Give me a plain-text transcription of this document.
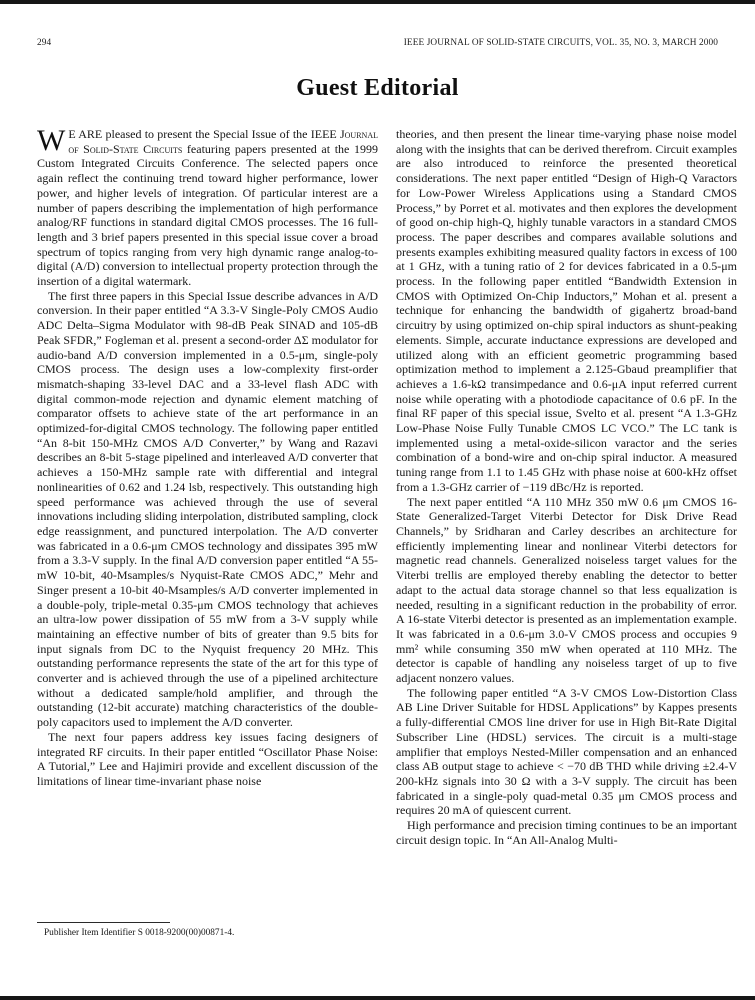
294	IEEE JOURNAL OF SOLID-STATE CIRCUITS, VOL. 35, NO. 3, MARCH 2000
Guest Editorial

W E ARE pleased to present the Special Issue of the IEEE Journal of Solid-State Circuits featuring papers presented at the 1999 Custom Integrated Circuits Conference. The selected papers once again reflect the continuing trend toward higher performance, lower power, and higher levels of integration. Of particular interest are a number of papers describing the implementation of high performance analog/RF functions in standard digital CMOS processes. The 16 full-length and 3 brief papers presented in this special issue cover a broad spectrum of topics ranging from very high dynamic range analog-to-digital (A/D) conversion to intellectual property protection through the insertion of a digital watermark.

The first three papers in this Special Issue describe advances in A/D conversion. In their paper entitled “A 3.3-V Single-Poly CMOS Audio ADC Delta–Sigma Modulator with 98-dB Peak SINAD and 105-dB Peak SFDR,” Fogleman et al. present a second-order ΔΣ modulator for audio-band A/D conversion implemented in a 0.5-μm, single-poly CMOS process. The design uses a low-complexity first-order mismatch-shaping 33-level DAC and a 33-level flash ADC with digital common-mode rejection and dynamic element matching of comparator offsets to achieve state of the art performance in an optimized-for-digital CMOS technology. The following paper entitled “An 8-bit 150-MHz CMOS A/D Converter,” by Wang and Razavi describes an 8-bit 5-stage pipelined and interleaved A/D converter that achieves a 150-MHz sample rate with differential and integral nonlinearities of 0.62 and 1.24 lsb, respectively. This outstanding high speed performance was achieved through the use of several innovations including sliding interpolation, distributed sampling, clock edge reassignment, and punctured interpolation. The A/D converter was fabricated in a 0.6-μm CMOS technology and dissipates 395 mW from a 3.3-V supply. In the final A/D conversion paper entitled “A 55-mW 10-bit, 40-Msamples/s Nyquist-Rate CMOS ADC,” Mehr and Singer present a 10-bit 40-Msamples/s A/D converter implemented in a double-poly, triple-metal 0.35-μm CMOS technology that achieves an ultra-low power dissipation of 55 mW from a 3-V supply while maintaining an effective number of bits of greater than 9.5 bits for input signals from DC to the Nyquist frequency 20 MHz. This outstanding performance represents the state of the art for this type of converter and is achieved through the use of a pipelined architecture without a dedicated sample/hold amplifier, and through the outstanding (12-bit accurate) matching characteristics of the double-poly capacitors used to implement the A/D converter.

The next four papers address key issues facing designers of integrated RF circuits. In their paper entitled “Oscillator Phase Noise: A Tutorial,” Lee and Hajimiri provide and excellent discussion of the limitations of linear time-invariant phase noise

Publisher Item Identifier S 0018-9200(00)00871-4.

theories, and then present the linear time-varying phase noise model along with the insights that can be derived therefrom. Circuit examples are also introduced to reinforce the presented theoretical considerations. The next paper entitled “Design of High-Q Varactors for Low-Power Wireless Applications using a Standard CMOS Process,” by Porret et al. motivates and then explores the development of good on-chip high-Q, highly tunable varactors in a standard CMOS process. The paper describes and compares available solutions and presents examples exhibiting measured quality factors in excess of 100 at 1 GHz, with a tuning ratio of 2 for devices fabricated in a 0.5-μm process. In the following paper entitled “Bandwidth Extension in CMOS with Optimized On-Chip Inductors,” Mohan et al. present a technique for enhancing the bandwidth of gigahertz broad-band circuitry by using optimized on-chip spiral inductors as shunt-peaking elements. Simple, accurate inductance expressions are developed and utilized along with an efficient geometric programming based optimization method to implement a 2.125-Gbaud preamplifier that achieves a 1.6-kΩ transimpedance and 0.6-μA input referred current noise while operating with a photodiode capacitance of 0.6 pF. In the final RF paper of this special issue, Svelto et al. present “A 1.3-GHz Low-Phase Noise Fully Tunable CMOS LC VCO.” The LC tank is implemented using a metal-oxide-silicon varactor and the series combination of a bond-wire and on-chip spiral inductor. A measured tuning range from 1.1 to 1.45 GHz with phase noise at 600-kHz offset from a 1.3-GHz carrier of −119 dBc/Hz is reported.

The next paper entitled “A 110 MHz 350 mW 0.6 μm CMOS 16-State Generalized-Target Viterbi Detector for Disk Drive Read Channels,” by Sridharan and Carley describes an architecture for efficiently implementing linear and nonlinear Viterbi detectors for magnetic read channels. Generalized noiseless target values for the Viterbi trellis are employed thereby enabling the detector to better adapt to the actual data storage channel so that less equalization is needed, resulting in a significant reduction in the probability of error. A 16-state Viterbi detector is presented as an implementation example. It was fabricated in a 0.6-μm 3.0-V CMOS process and occupies 9 mm² while consuming 350 mW when operated at 110 MHz. The detector is capable of handling any noiseless target of up to five adjacent nonzero values.

The following paper entitled “A 3-V CMOS Low-Distortion Class AB Line Driver Suitable for HDSL Applications” by Kappes presents a fully-differential CMOS line driver for use in High Bit-Rate Digital Subscriber Line (HDSL) services. The circuit is a multi-stage amplifier that employs Nested-Miller compensation and an enhanced class AB output stage to achieve < −70 dB THD while driving ±2.4-V 200-kHz signals into 30 Ω with a 3-V supply. The circuit has been fabricated in a single-poly quad-metal 0.35 μm CMOS process and requires 20 mA of quiescent current.

High performance and precision timing continues to be an important circuit design topic. In “An All-Analog Multi-
